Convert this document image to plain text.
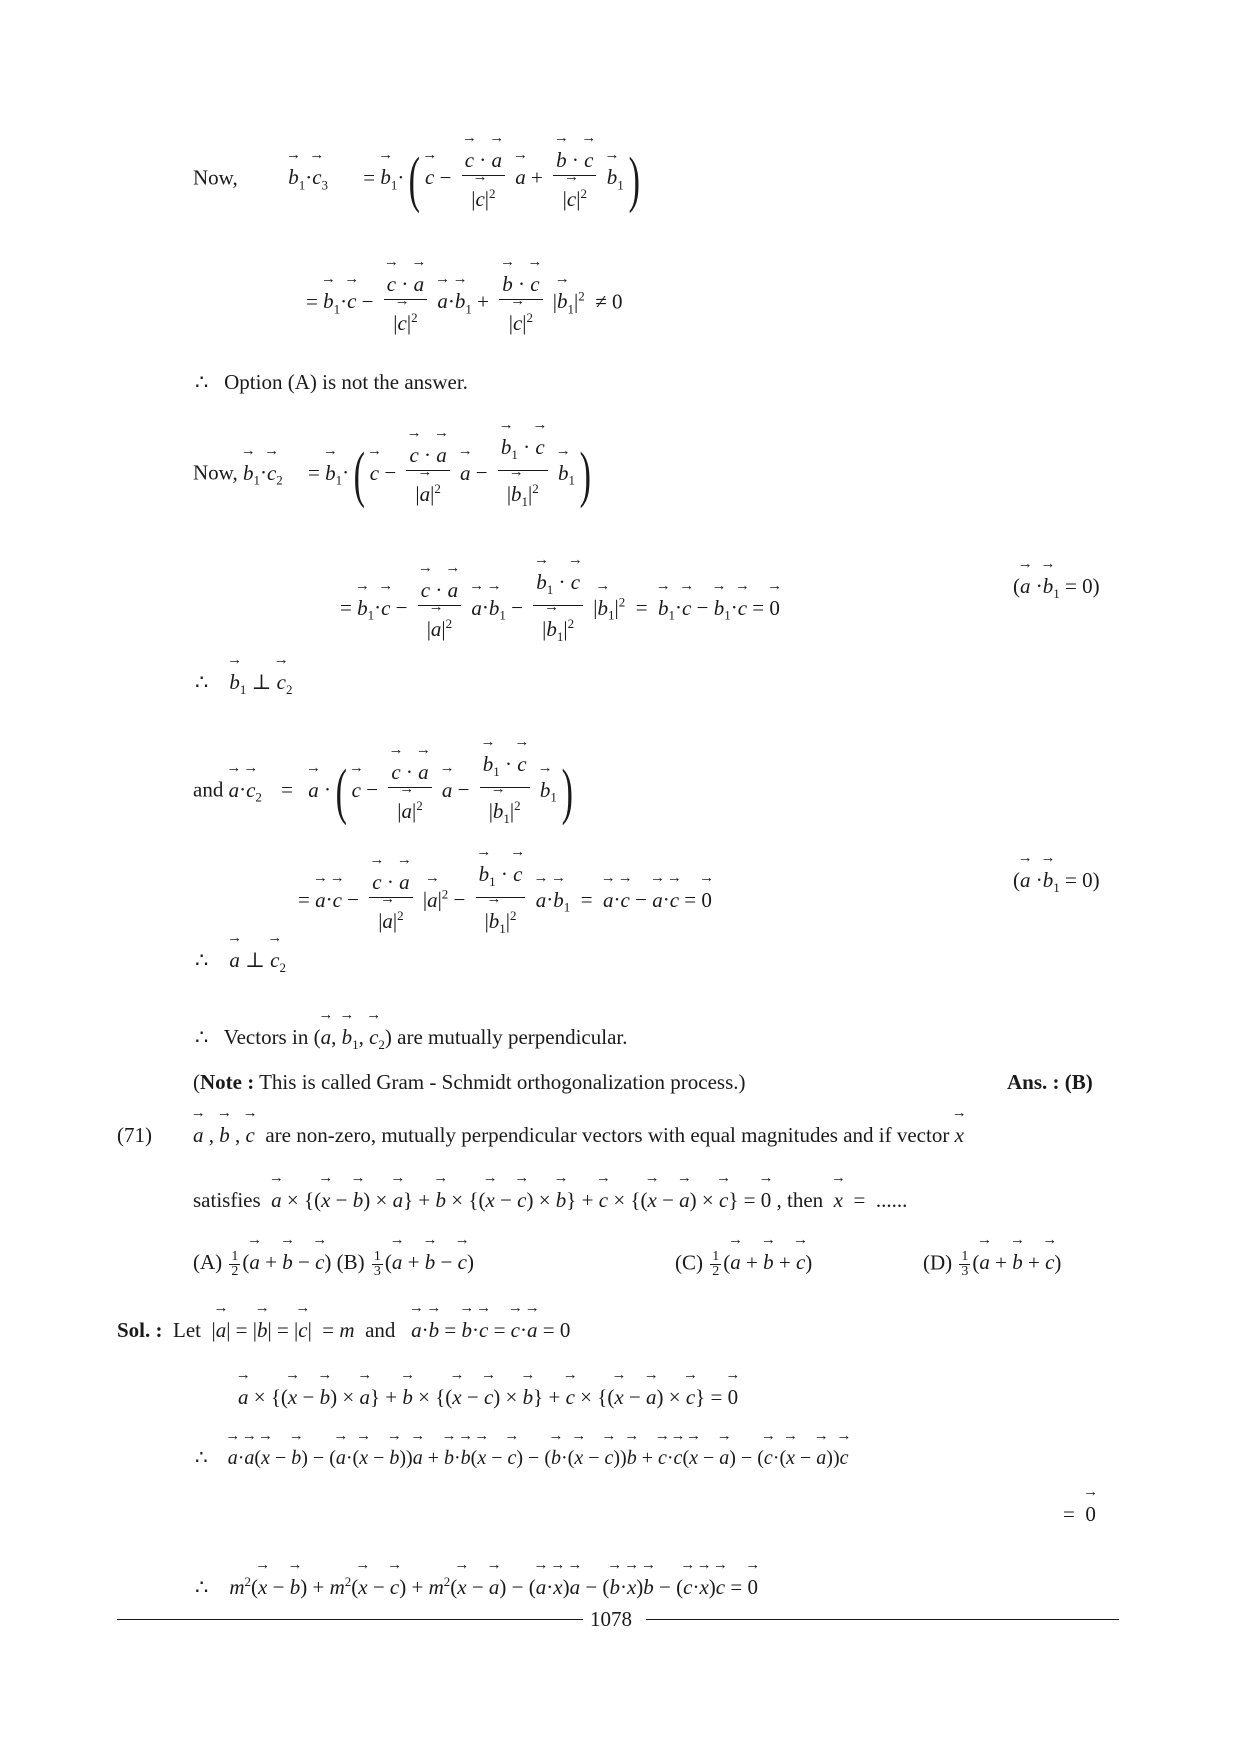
Now,  → $b_1\cdot\to c_3$ = → $b_1\cdot(\to c$ −
→ $\frac{c \cdot \to a}{|\to c|^2}$
→ a +
→ $\frac{b \cdot \to c}{|\to c|^2}$
→ $b_1$)
= → $b_1\cdot\to c$ −
→ $\frac{c \cdot \to a}{|\to c|^2}$
→ $a\cdot\to b_1$ +
→ $\frac{b \cdot \to c}{|\to c|^2}$ |→ $b_1|^2 \ne 0$
∴ Option (A) is not the answer.
Now, → $b_1\cdot\to c_2$ = → $b_1\cdot(\to c$ −
→ $\frac{c \cdot \to a}{|\to a|^2}$
→ a −
→ $\frac{b_1 \cdot \to c}{|\to b_1|^2}$
→ $b_1$)
= → $b_1\cdot\to c$ −
→ $\frac{c \cdot \to a}{|\to a|^2}$
→ $a\cdot\to b_1$ −
→ $\frac{b_1 \cdot \to c}{|\to b_1|^2}$ |→ $b_1|^2$  =  → $b_1\cdot\to c$ − → $b_1\cdot\to c$ = → 0
(→ $a \cdot\to b_1 = 0$)
∴    → $b_1$ ⊥ → $c_2$
and → $a\cdot\to c_2$ = → a ·(→ c −
→ $\frac{c \cdot \to a}{|\to a|^2}$
→ a −
→ $\frac{b_1 \cdot \to c}{|\to b_1|^2}$
→ $b_1$)
= → a·→ c −
→ $\frac{c \cdot \to a}{|\to a|^2}$ |→ $a|^2$ −
→ $\frac{b_1 \cdot \to c}{|\to b_1|^2}$
→ $a\cdot\to b_1$  =  → a·→ c − → a·→ c = → 0
(→ $a \cdot\to b_1 = 0$)
∴    → a ⊥ → $c_2$
∴ Vectors in (→ a, → $b_1$, → $c_2$) are mutually perpendicular.
(Note : This is called Gram - Schmidt orthogonalization process.)	Ans. : (B)
(71)
→ a , → b , → c are non-zero, mutually perpendicular vectors with equal magnitudes and if vector → x
satisfies  → a × {(→ x − → b) × → a} + → b × {(→ x − → c) × → b} + → c × {(→ x − → a) × → c} = → 0 , then  → x  =  ......
$(A) \frac{1}{2}(\to a$ + → b − → c) $(B) \frac{1}{3}(\to a$ + → b − → c)	$(C) \frac{1}{2}(\to a$ + → b + → c)	$(D) \frac{1}{3}(\to a$ + → b + → c)
Sol. : Let  |→ a| = |→ b| = |→ c|  = m  and   → a·→ b = → b·→ c = → c·→ a = 0
→ a × {(→ x − → b) × → a} + → b × {(→ x − → c) × → b} + → c × {(→ x − → a) × → c} = → 0
∴    → a·→ a(→ x − → b) − (→ a·(→ x − → b))→ a + → b·→ b(→ x − → c) − (→ b·(→ x − → c))→ b + → c·→ c(→ x − → a) − (→ c·(→ x − → a))→ c
=  → 0
∴ $m^2(\to x$ − → $b) + m^2(\to x$ − → $c) + m^2(\to x$ − → a) − (→ a·→ x)→ a − (→ b·→ x)→ b − (→ c·→ x)→ c = → 0
1078
